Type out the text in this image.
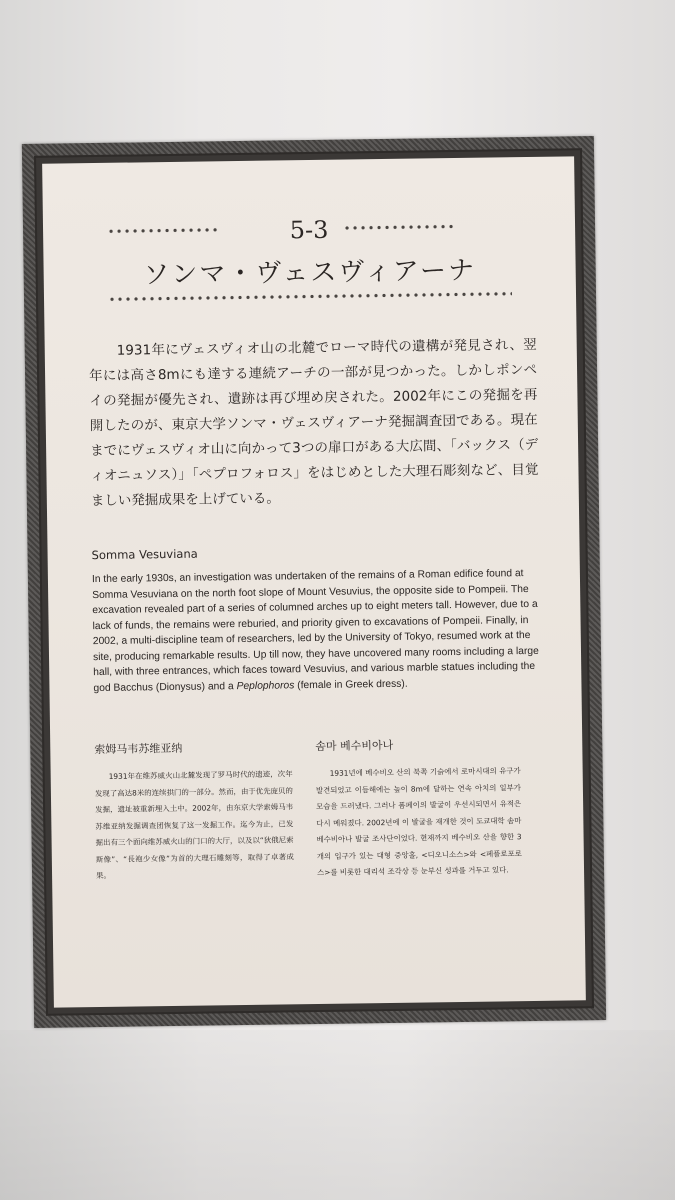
5-3
ソンマ・ヴェスヴィアーナ
1931年にヴェスヴィオ山の北麓でローマ時代の遺構が発見され、翌年には高さ8mにも達する連続アーチの一部が見つかった。しかしポンペイの発掘が優先され、遺跡は再び埋め戻された。2002年にこの発掘を再開したのが、東京大学ソンマ・ヴェスヴィアーナ発掘調査団である。現在までにヴェスヴィオ山に向かって3つの扉口がある大広間、「バックス（ディオニュソス）」「ペプロフォロス」をはじめとした大理石彫刻など、目覚ましい発掘成果を上げている。
Somma Vesuviana
In the early 1930s, an investigation was undertaken of the remains of a Roman edifice found at Somma Vesuviana on the north foot slope of Mount Vesuvius, the opposite side to Pompeii. The excavation revealed part of a series of columned arches up to eight meters tall. However, due to a lack of funds, the remains were reburied, and priority given to excavations of Pompeii. Finally, in 2002, a multi-discipline team of researchers, led by the University of Tokyo, resumed work at the site, producing remarkable results. Up till now, they have uncovered many rooms including a large hall, with three entrances, which faces toward Vesuvius, and various marble statues including the god Bacchus (Dionysus) and a Peplophoros (female in Greek dress).
索姆马韦苏维亚纳
1931年在维苏威火山北麓发现了罗马时代的遗迹，次年发现了高达8米的连续拱门的一部分。然而，由于优先庞贝的发掘，遗址被重新埋入土中。2002年，由东京大学索姆马韦苏维亚纳发掘调查团恢复了这一发掘工作。迄今为止，已发掘出有三个面向维苏威火山的门口的大厅，以及以“狄俄尼索斯像”、“長袍少女像”为首的大理石雕刻等，取得了卓著成果。
솜마 베수비아나
1931년에 베수비오 산의 북쪽 기슭에서 로마시대의 유구가 발견되었고 이듬해에는 높이 8m에 달하는 연속 아치의 일부가 모습을 드러냈다. 그러나 폼페이의 발굴이 우선시되면서 유적은 다시 메워졌다. 2002년에 이 발굴을 재개한 것이 도쿄대학 솜마 베수비아나 발굴 조사단이었다. 현재까지 베수비오 산을 향한 3개의 입구가 있는 대형 중앙홀, <디오니소스>와 <페플로포로스>를 비롯한 대리석 조각상 등 눈부신 성과를 거두고 있다.
